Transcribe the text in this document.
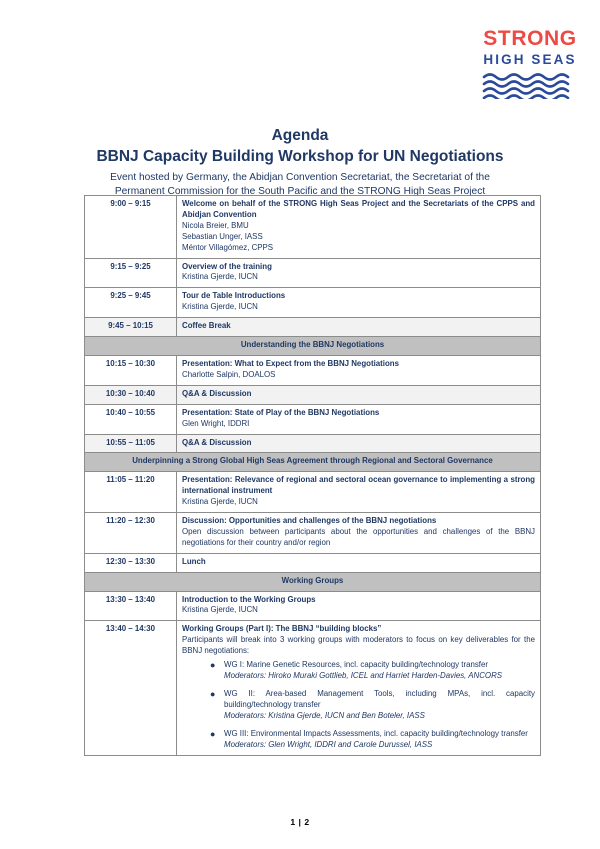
STRONG
HIGH SEAS
Agenda
BBNJ Capacity Building Workshop for UN Negotiations
Event hosted by Germany, the Abidjan Convention Secretariat, the Secretariat of the
Permanent Commission for the South Pacific and the STRONG High Seas Project
9:00 – 9:15	Welcome on behalf of the STRONG High Seas Project and the Secretariats of the CPPS and Abidjan Convention
Nicola Breier, BMU
Sebastian Unger, IASS
Méntor Villagómez, CPPS

9:15 – 9:25	Overview of the training
Kristina Gjerde, IUCN

9:25 – 9:45	Tour de Table Introductions
Kristina Gjerde, IUCN

9:45 – 10:15	Coffee Break

Understanding the BBNJ Negotiations	
10:15 – 10:30	Presentation: What to Expect from the BBNJ Negotiations
Charlotte Salpin, DOALOS

10:30 – 10:40	Q&A & Discussion

10:40 – 10:55	Presentation: State of Play of the BBNJ Negotiations
Glen Wright, IDDRI

10:55 – 11:05	Q&A & Discussion

Underpinning a Strong Global High Seas Agreement through Regional and Sectoral Governance	
11:05 – 11:20	Presentation: Relevance of regional and sectoral ocean governance to implementing a strong international instrument
Kristina Gjerde, IUCN

11:20 – 12:30	Discussion: Opportunities and challenges of the BBNJ negotiations
Open discussion between participants about the opportunities and challenges of the BBNJ negotiations for their country and/or region

12:30 – 13:30	Lunch

Working Groups	
13:30 – 13:40	Introduction to the Working Groups
Kristina Gjerde, IUCN

13:40 – 14:30	Working Groups (Part I): The BBNJ “building blocks”
Participants will break into 3 working groups with moderators to focus on key deliverables for the BBNJ negotiations:
● WG I: Marine Genetic Resources, incl. capacity building/technology transfer
Moderators: Hiroko Muraki Gottlieb, ICEL and Harriet Harden-Davies, ANCORS
● WG II: Area-based Management Tools, including MPAs, incl. capacity building/technology transfer
Moderators: Kristina Gjerde, IUCN and Ben Boteler, IASS
● WG III: Environmental Impacts Assessments, incl. capacity building/technology transfer
Moderators: Glen Wright, IDDRI and Carole Durussel, IASS
1 | 2
